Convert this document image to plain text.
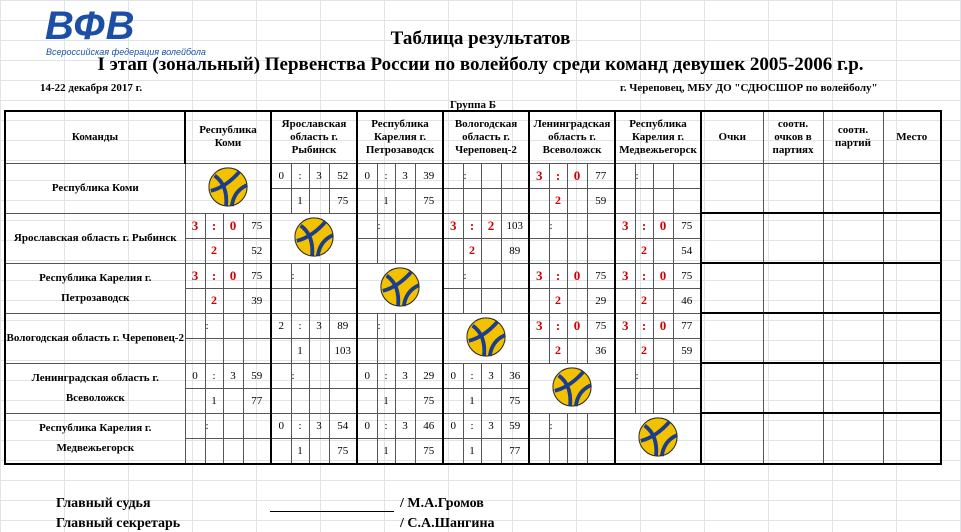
ВФВ
Всероссийская федерация волейбола
Таблица результатов
I этап (зональный) Первенства России по волейболу среди команд девушек 2005-2006 г.р.
14-22 декабря 2017 г.	г. Череповец, МБУ ДО "СДЮСШОР по волейболу"
Группа Б
Команды	Республика Коми				Ярославская область г. Рыбинск				Республика Карелия г. Петрозаводск				Вологодская область г. Череповец-2				Ленинградская область г. Всеволожск				Республика Карелия г. Медвежьегорск				Очки	соотн. очков в партиях	соотн. партий	Место
Республика Коми					0	:	3	52	0	:	3	39		:			3	:	0	77		:						
						1		75		1		75						2		59								
Ярославская область г. Рыбинск	3	:	0	75						:			3	:	2	103		:			3	:	0	75				
		2		52										2		89						2		54				
Республика Карелия г. Петрозаводск	3	:	0	75		:								:			3	:	0	75	3	:	0	75				
		2		39														2		29		2		46				
Вологодская область г. Череповец-2		:			2	:	3	89		:							3	:	0	75	3	:	0	77				
						1		103										2		36		2		59				
Ленинградская область г. Всеволожск	0	:	3	59		:			0	:	3	29	0	:	3	36						:						
		1		77						1		75		1		75												
Республика Карелия г. Медвежьегорск		:			0	:	3	54	0	:	3	46	0	:	3	59		:			

						1		75		1		75		1		77												
Главный судья	/ М.А.Громов
Главный секретарь	/ С.А.Шангина
